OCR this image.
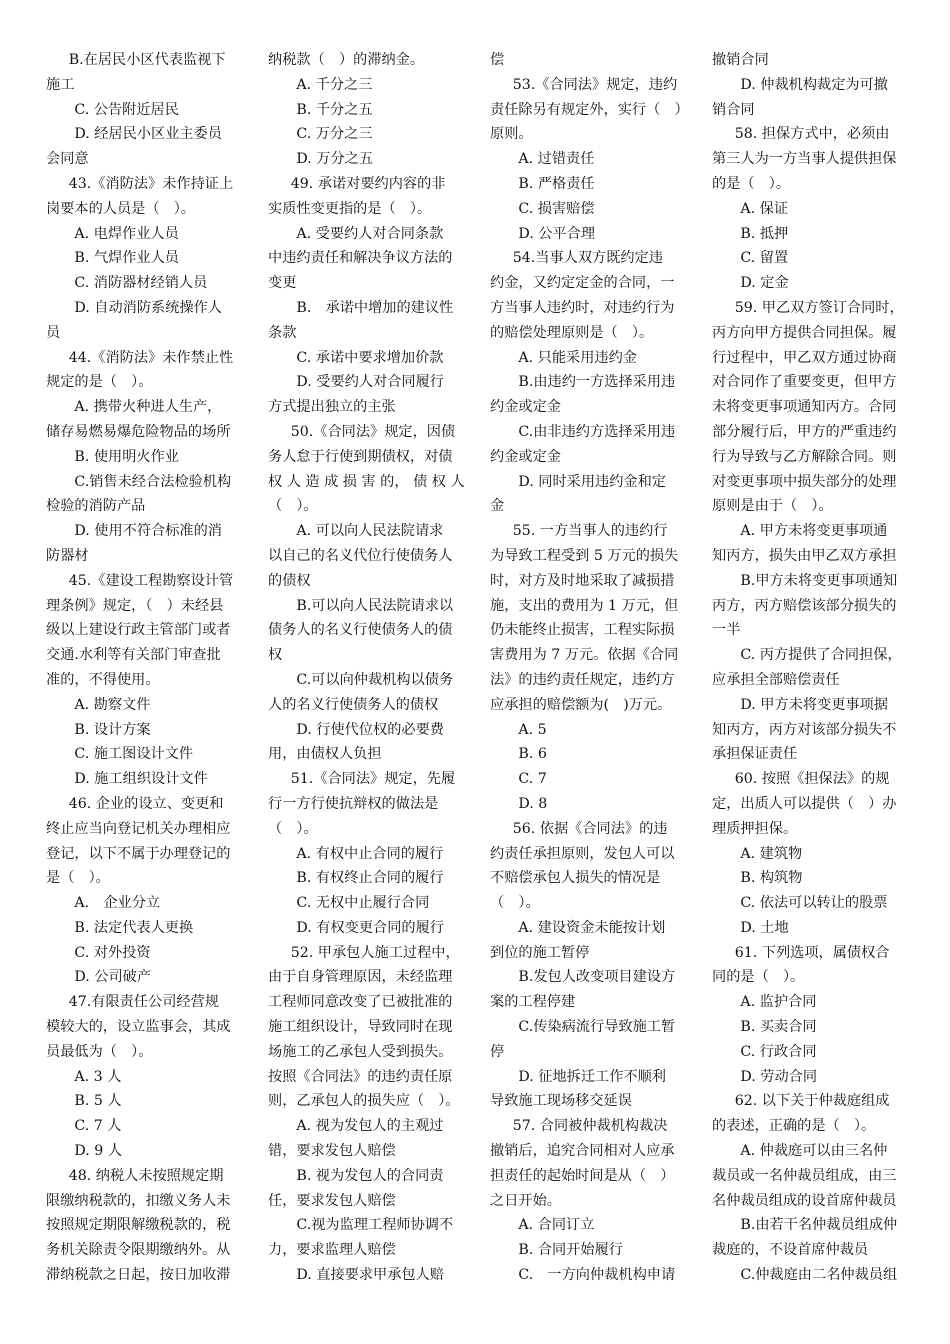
B.在居民小区代表监视下
施工
C. 公告附近居民
D. 经居民小区业主委员
会同意
43.《消防法》未作持证上
岗要本的人员是（　）。
A. 电焊作业人员
B. 气焊作业人员
C. 消防器材经销人员
D. 自动消防系统操作人
员
44.《消防法》未作禁止性
规定的是（　）。
A. 携带火种进人生产，
储存易燃易爆危险物品的场所
B. 使用明火作业
C.销售未经合法检验机构
检验的消防产品
D. 使用不符合标准的消
防器材
45.《建设工程勘察设计管
理条例》规定，（　）未经县
级以上建设行政主管部门或者
交通.水利等有关部门审查批
准的，不得使用。
A. 勘察文件
B. 设计方案
C. 施工图设计文件
D. 施工组织设计文件
46. 企业的设立、变更和
终止应当向登记机关办理相应
登记，以下不属于办理登记的
是（　）。
A.　企业分立
B. 法定代表人更换
C. 对外投资
D. 公司破产
47.有限责任公司经营规
模较大的，设立监事会，其成
员最低为（　）。
A. 3 人
B. 5 人
C. 7 人
D. 9 人
48. 纳税人未按照规定期
限缴纳税款的，扣缴义务人未
按照规定期限解缴税款的，税
务机关除责令限期缴纳外。从
滞纳税款之日起，按日加收滞
纳税款（　）的滞纳金。
A. 千分之三
B. 千分之五
C. 万分之三
D. 万分之五
49. 承诺对要约内容的非
实质性变更指的是（　）。
A. 受要约人对合同条款
中违约责任和解决争议方法的
变更
B.　承诺中增加的建议性
条款
C. 承诺中要求增加价款
D. 受要约人对合同履行
方式提出独立的主张
50.《合同法》规定，因债
务人怠于行使到期债权，对债
权 人 造 成 损 害 的， 债 权 人
（　）。
A. 可以向人民法院请求
以自己的名义代位行使债务人
的债权
B.可以向人民法院请求以
债务人的名义行使债务人的债
权
C.可以向仲裁机构以债务
人的名义行使债务人的债权
D. 行使代位权的必要费
用，由债权人负担
51.《合同法》规定，先履
行一方行使抗辩权的做法是
（　）。
A. 有权中止合同的履行
B. 有权终止合同的履行
C. 无权中止履行合同
D. 有权变更合同的履行
52. 甲承包人施工过程中，
由于自身管理原因，未经监理
工程师同意改变了已被批准的
施工组织设计，导致同时在现
场施工的乙承包人受到损失。
按照《合同法》的违约责任原
则，乙承包人的损失应（　）。
A. 视为发包人的主观过
错，要求发包人赔偿
B. 视为发包人的合同责
任，要求发包人赔偿
C.视为监理工程师协调不
力，要求监理人赔偿
D. 直接要求甲承包人赔
偿
53.《合同法》规定，违约
责任除另有规定外，实行（　）
原则。
A. 过错责任
B. 严格责任
C. 损害赔偿
D. 公平合理
54.当事人双方既约定违
约金，又约定定金的合同，一
方当事人违约时，对违约行为
的赔偿处理原则是（　）。
A. 只能采用违约金
B.由违约一方选择采用违
约金或定金
C.由非违约方选择采用违
约金或定金
D. 同时采用违约金和定
金
55. 一方当事人的违约行
为导致工程受到 5 万元的损失
时，对方及时地采取了减损措
施，支出的费用为 1 万元，但
仍未能终止损害，工程实际损
害费用为 7 万元。依据《合同
法》的违约责任规定，违约方
应承担的赔偿额为(　)万元。
A. 5
B. 6
C. 7
D. 8
56. 依据《合同法》的违
约责任承担原则，发包人可以
不赔偿承包人损失的情况是
（　）。
A. 建设资金未能按计划
到位的施工暂停
B.发包人改变项目建设方
案的工程停建
C.传染病流行导致施工暂
停
D. 征地拆迁工作不顺利
导致施工现场移交延误
57. 合同被仲裁机构裁决
撤销后，追究合同相对人应承
担责任的起始时间是从（　）
之日开始。
A. 合同订立
B. 合同开始履行
C.　一方向仲裁机构申请
撤销合同
D. 仲裁机构裁定为可撤
销合同
58. 担保方式中，必须由
第三人为一方当事人提供担保
的是（　）。
A. 保证
B. 抵押
C. 留置
D. 定金
59. 甲乙双方签订合同时，
丙方向甲方提供合同担保。履
行过程中，甲乙双方通过协商
对合同作了重要变更，但甲方
未将变更事项通知丙方。合同
部分履行后，甲方的严重违约
行为导致与乙方解除合同。则
对变更事项中损失部分的处理
原则是由于（　）。
A. 甲方未将变更事项通
知丙方，损失由甲乙双方承担
B.甲方未将变更事项通知
丙方，丙方赔偿该部分损失的
一半
C. 丙方提供了合同担保，
应承担全部赔偿责任
D. 甲方未将变更事项据
知丙方，丙方对该部分损失不
承担保证责任
60. 按照《担保法》的规
定，出质人可以提供（　）办
理质押担保。
A. 建筑物
B. 构筑物
C. 依法可以转让的股票
D. 土地
61. 下列选项，属债权合
同的是（　）。
A. 监护合同
B. 买卖合同
C. 行政合同
D. 劳动合同
62. 以下关于仲裁庭组成
的表述，正确的是（　）。
A. 仲裁庭可以由三名仲
裁员或一名仲裁员组成，由三
名仲裁员组成的设首席仲裁员
B.由若干名仲裁员组成仲
裁庭的，不设首席仲裁员
C.仲裁庭由二名仲裁员组
